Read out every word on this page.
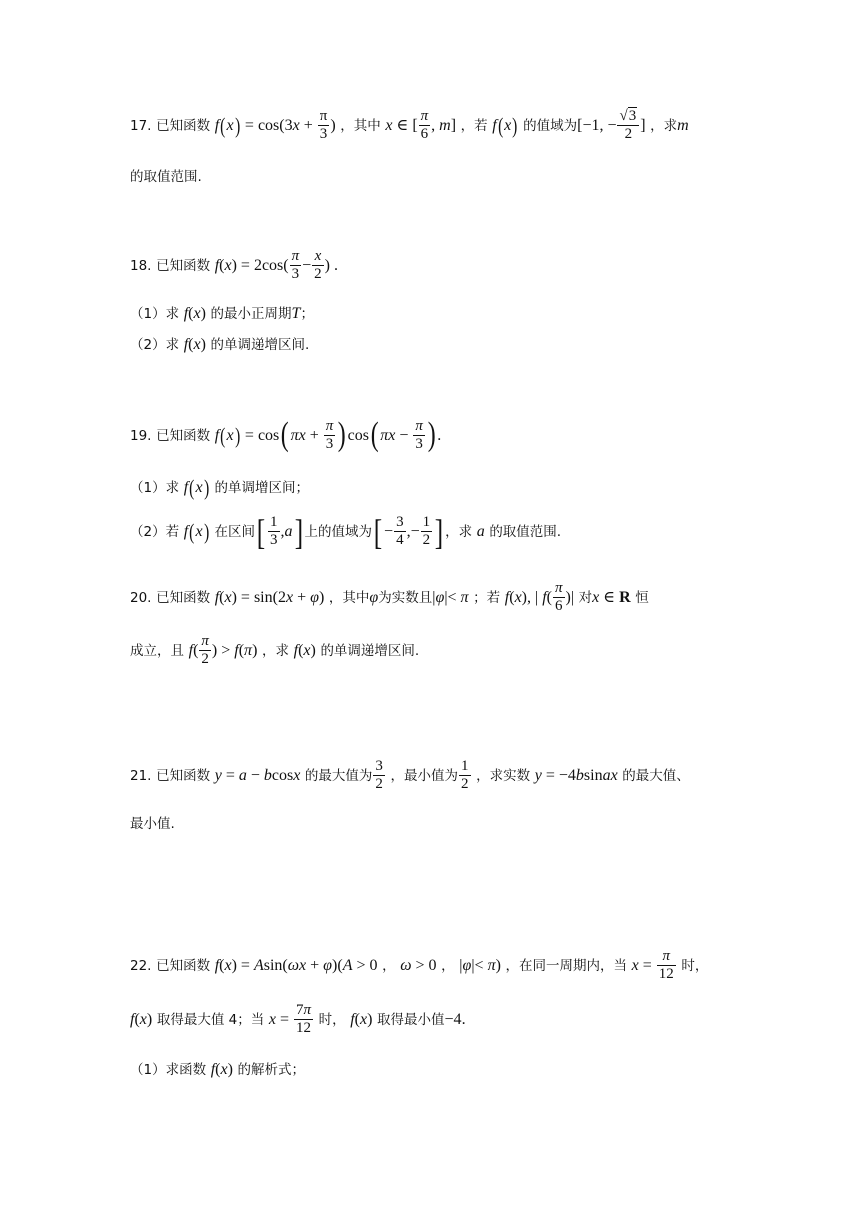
17. 已知函数 $f(x) = \cos(3x + \frac{\pi}{3}$ ) ，其中 x ∈ [ $\frac{\pi}{6}$ , m] ，若 f(x) 的值域为[−1, − $\frac{√3}{2}$ ] ，求m
的取值范围.
18. 已知函数 $f(x) = 2\cos( \frac{\pi}{3} - \frac{x}{2}$ ) .
（1）求 f(x) 的最小正周期T；
（2）求 f(x) 的单调递增区间.
19. 已知函数 f(x) = cos( $\pi x + \frac{\pi}{3}$ ) cos( $\pi x - \frac{\pi}{3}$ ) .
（1）求 f(x) 的单调增区间；
（2）若 f(x) 在区间[ $\frac{1}{3} ,a$] 上的值域为[ − $\frac{3}{4}$ ,− $\frac{1}{2}$ ] ，求 a 的取值范围.
20. 已知函数 f(x) = sin(2x + φ) ，其中φ为实数且|φ|< π ；若 f(x), | $f( \frac{\pi}{6}$ )| 对x ∈ R 恒
成立，且 $f( \frac{\pi}{2}$ ) > f(π) ，求 f(x) 的单调递增区间.
21. 已知函数 y = a − bcosx 的最大值为 $\frac{3}{2}$ ，最小值为 $\frac{1}{2}$ ，求实数 y = −4bsinax 的最大值、
最小值.
22. 已知函数 f(x) = Asin(ωx + φ)(A > 0 ， ω > 0 ， |φ|< π) ，在同一周期内，当 $x = \frac{\pi}{12}$ 时，
f(x) 取得最大值 4；当 $x = \frac{7\pi}{12}$ 时， f(x) 取得最小值−4.
（1）求函数 f(x) 的解析式；
